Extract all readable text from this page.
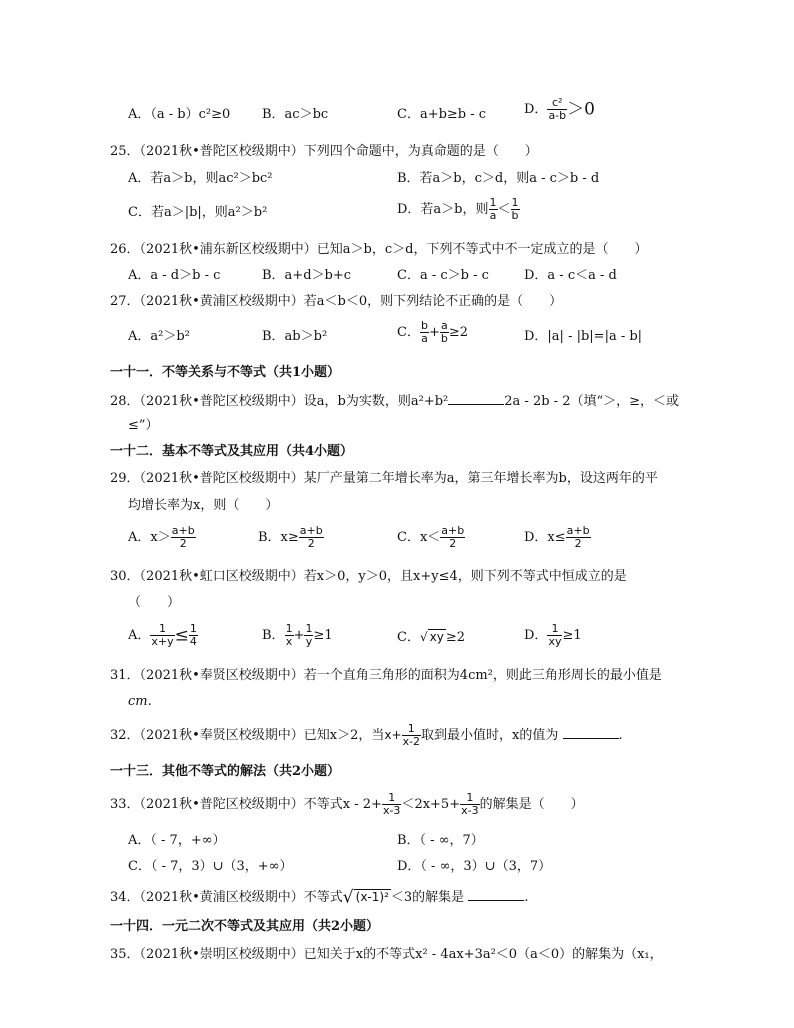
A．（a - b）c²≥0 B．ac＞bc	C．a+b≥b - c	D． $\frac{\text{c²}}{a-b} >0$
25．（2021秋•普陀区校级期中）下列四个命题中，为真命题的是（　　）
A．若a＞b，则ac²＞bc²	B．若a＞b，c＞d，则a - c＞b - d
C．若a＞|b|，则a²＞b²	D．若a＞b，则 $\frac{1}{a} < \frac{1}{b}$
26．（2021秋•浦东新区校级期中）已知a＞b，c＞d，下列不等式中不一定成立的是（　　）
A．a - d＞b - c	B．a+d＞b+c	C．a - c＞b - c	D．a - c＜a - d
27．（2021秋•黄浦区校级期中）若a＜b＜0，则下列结论不正确的是（　　）
A．a²＞b²	B．ab＞b²	C． $\frac{b}{a} + \frac{a}{b} \ge 2$	D．|a| - |b|=|a - b|
一十一．不等关系与不等式（共1小题）
28．（2021秋•普陀区校级期中）设a，b为实数，则a²+b²	2a - 2b - 2（填“＞，≥，＜或
≤”）
一十二．基本不等式及其应用（共4小题）
29．（2021秋•普陀区校级期中）某厂产量第二年增长率为a，第三年增长率为b，设这两年的平
均增长率为x，则（　　）
A．$x> \frac{a+b}{2}$	B．$x\ge \frac{a+b}{2}$	C．$x< \frac{a+b}{2}$	D．$x\le \frac{a+b}{2}$
30．（2021秋•虹口区校级期中）若x＞0，y＞0，且x+y≤4，则下列不等式中恒成立的是
（　　）
A． $\frac{1}{x+y} \le \frac{1}{4}$	B． $\frac{1}{x} + \frac{1}{y} \ge 1$	C．√ xy ≥2	D． $\frac{1}{xy} \ge 1$
31．（2021秋•奉贤区校级期中）若一个直角三角形的面积为4cm²，则此三角形周长的最小值是
cm.
32．（2021秋•奉贤区校级期中）已知x＞2，当$x+ \frac{1}{x-2}$ 取到最小值时，x的值为	.
一十三．其他不等式的解法（共2小题）
33．（2021秋•普陀区校级期中）不等式$x - 2+ \frac{1}{x-3} <2x+5+ \frac{1}{x-3}$ 的解集是（　　）
A．（ - 7，+∞）	B．（ - ∞，7）
C．（ - 7，3）∪（3，+∞）	D．（ - ∞，3）∪（3，7）
34．（2021秋•黄浦区校级期中）不等式√ (x-1)² ＜3的解集是	.
一十四．一元二次不等式及其应用（共2小题）
35．（2021秋•崇明区校级期中）已知关于x的不等式x² - 4ax+3a²＜0（a＜0）的解集为（x₁，
